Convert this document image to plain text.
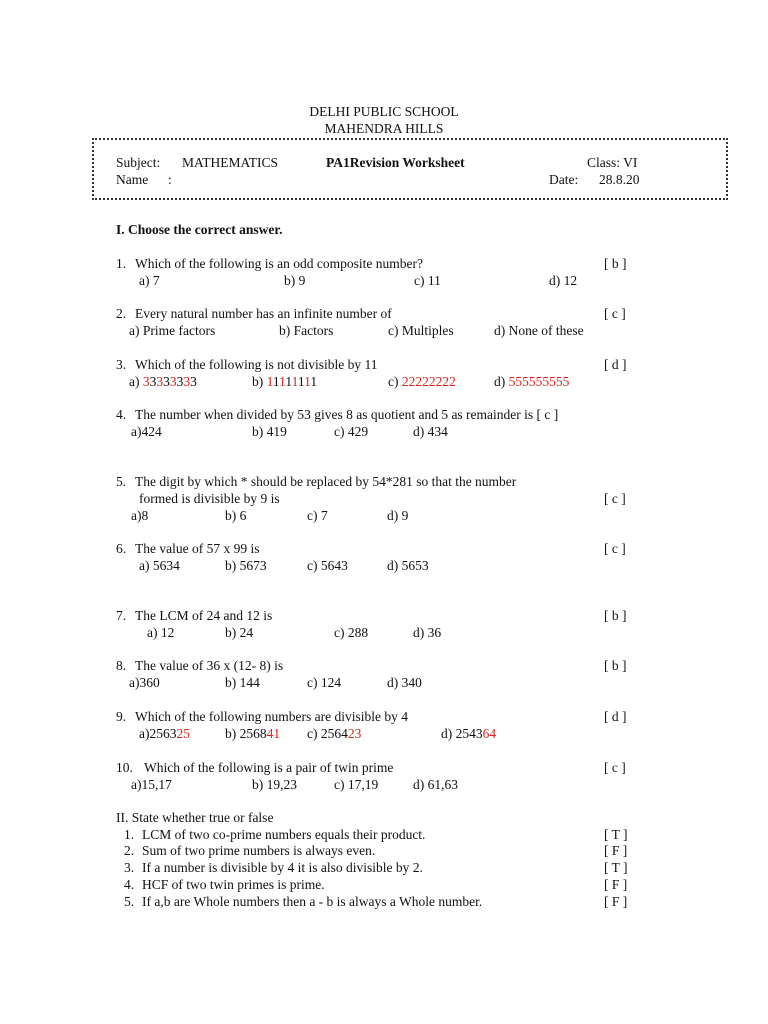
DELHI PUBLIC SCHOOL
MAHENDRA HILLS
Subject: MATHEMATICS	PA1Revision Worksheet	Class: VI
Name :	Date: 28.8.20
I. Choose the correct answer.
1. Which of the following is an odd composite number?	[ b ]
a) 7	b) 9	c) 11	d) 12
2. Every natural number has an infinite number of	[ c ]
a) Prime factors	b) Factors	c) Multiples	d) None of these
3. Which of the following is not divisible by 11	[ d ]
a) 33333333	b) 11111111	c) 22222222	d) 555555555
4. The number when divided by 53 gives 8 as quotient and 5 as remainder is [ c ]
a)424	b) 419	c) 429	d) 434
5. The digit by which * should be replaced by 54*281 so that the number
formed is divisible by 9 is	[ c ]
a)8	b) 6	c) 7	d) 9
6. The value of 57 x 99 is	[ c ]
a) 5634	b) 5673	c) 5643	d) 5653
7. The LCM of 24 and 12 is	[ b ]
a) 12	b) 24	c) 288	d) 36
8. The value of 36 x (12- 8) is	[ b ]
a)360	b) 144	c) 124	d) 340
9. Which of the following numbers are divisible by 4	[ d ]
a)256325	b) 256841 c) 256423	d) 254364
10. Which of the following is a pair of twin prime	[ c ]
a)15,17	b) 19,23	c) 17,19	d) 61,63
II. State whether true or false
1. LCM of two co-prime numbers equals their product.	[ T ]
2. Sum of two prime numbers is always even.	[ F ]
3. If a number is divisible by 4 it is also divisible by 2.	[ T ]
4. HCF of two twin primes is prime.	[ F ]
5. If a,b are Whole numbers then a - b is always a Whole number.	[ F ]
